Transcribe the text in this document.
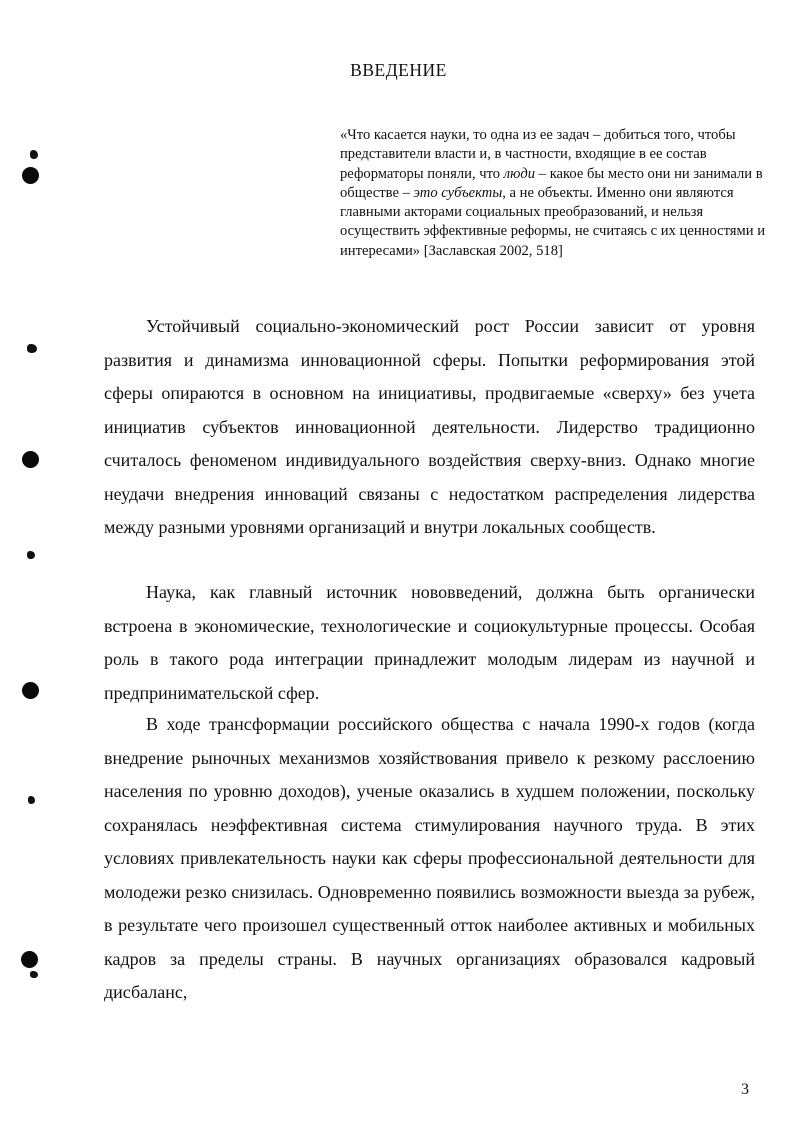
ВВЕДЕНИЕ
«Что касается науки, то одна из ее задач – добиться того, чтобы представители власти и, в частности, входящие в ее состав реформаторы поняли, что люди – какое бы место они ни занимали в обществе – это субъекты, а не объекты. Именно они являются главными акторами социальных преобразований, и нельзя осуществить эффективные реформы, не считаясь с их ценностями и интересами» [Заславская 2002, 518]
Устойчивый социально-экономический рост России зависит от уровня развития и динамизма инновационной сферы. Попытки реформирования этой сферы опираются в основном на инициативы, продвигаемые «сверху» без учета инициатив субъектов инновационной деятельности. Лидерство традиционно считалось феноменом индивидуального воздействия сверху-вниз. Однако многие неудачи внедрения инноваций связаны с недостатком распределения лидерства между разными уровнями организаций и внутри локальных сообществ.
Наука, как главный источник нововведений, должна быть органически встроена в экономические, технологические и социокультурные процессы. Особая роль в такого рода интеграции принадлежит молодым лидерам из научной и предпринимательской сфер.
В ходе трансформации российского общества с начала 1990-х годов (когда внедрение рыночных механизмов хозяйствования привело к резкому расслоению населения по уровню доходов), ученые оказались в худшем положении, поскольку сохранялась неэффективная система стимулирования научного труда. В этих условиях привлекательность науки как сферы профессиональной деятельности для молодежи резко снизилась. Одновременно появились возможности выезда за рубеж, в результате чего произошел существенный отток наиболее активных и мобильных кадров за пределы страны. В научных организациях образовался кадровый дисбаланс,
3
